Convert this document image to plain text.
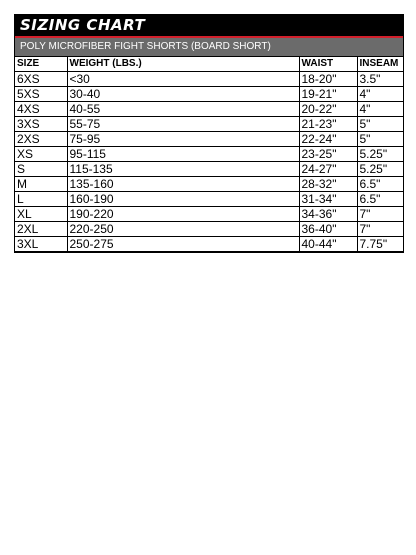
SIZING CHART
POLY MICROFIBER FIGHT SHORTS (BOARD SHORT)
SIZE	WEIGHT (LBS.)	WAIST	INSEAM
6XS	<30	18-20"	3.5"
5XS	30-40	19-21"	4"
4XS	40-55	20-22"	4"
3XS	55-75	21-23"	5"
2XS	75-95	22-24"	5"
XS	95-115	23-25"	5.25"
S	115-135	24-27"	5.25"
M	135-160	28-32"	6.5"
L	160-190	31-34"	6.5"
XL	190-220	34-36"	7"
2XL	220-250	36-40"	7"
3XL	250-275	40-44"	7.75"
